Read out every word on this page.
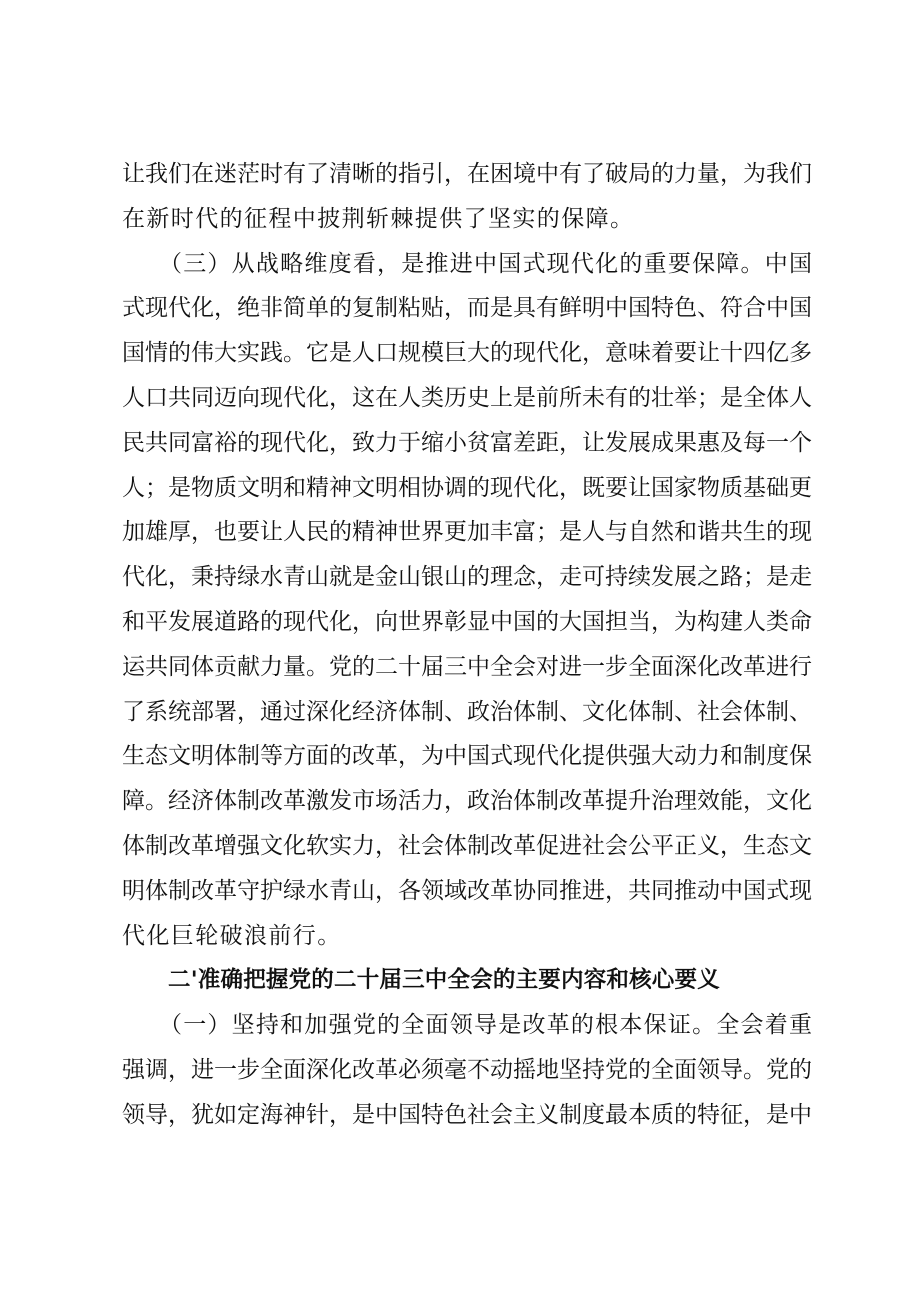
让我们在迷茫时有了清晰的指引，在困境中有了破局的力量，为我们
在新时代的征程中披荆斩棘提供了坚实的保障。
　　（三）从战略维度看，是推进中国式现代化的重要保障。中国
式现代化，绝非简单的复制粘贴，而是具有鲜明中国特色、符合中国
国情的伟大实践。它是人口规模巨大的现代化，意味着要让十四亿多
人口共同迈向现代化，这在人类历史上是前所未有的壮举；是全体人
民共同富裕的现代化，致力于缩小贫富差距，让发展成果惠及每一个
人；是物质文明和精神文明相协调的现代化，既要让国家物质基础更
加雄厚，也要让人民的精神世界更加丰富；是人与自然和谐共生的现
代化，秉持绿水青山就是金山银山的理念，走可持续发展之路；是走
和平发展道路的现代化，向世界彰显中国的大国担当，为构建人类命
运共同体贡献力量。党的二十届三中全会对进一步全面深化改革进行
了系统部署，通过深化经济体制、政治体制、文化体制、社会体制、
生态文明体制等方面的改革，为中国式现代化提供强大动力和制度保
障。经济体制改革激发市场活力，政治体制改革提升治理效能，文化
体制改革增强文化软实力，社会体制改革促进社会公平正义，生态文
明体制改革守护绿水青山，各领域改革协同推进，共同推动中国式现
代化巨轮破浪前行。
二'准确把握党的二十届三中全会的主要内容和核心要义
　　（一）坚持和加强党的全面领导是改革的根本保证。全会着重
强调，进一步全面深化改革必须毫不动摇地坚持党的全面领导。党的
领导，犹如定海神针，是中国特色社会主义制度最本质的特征，是中
